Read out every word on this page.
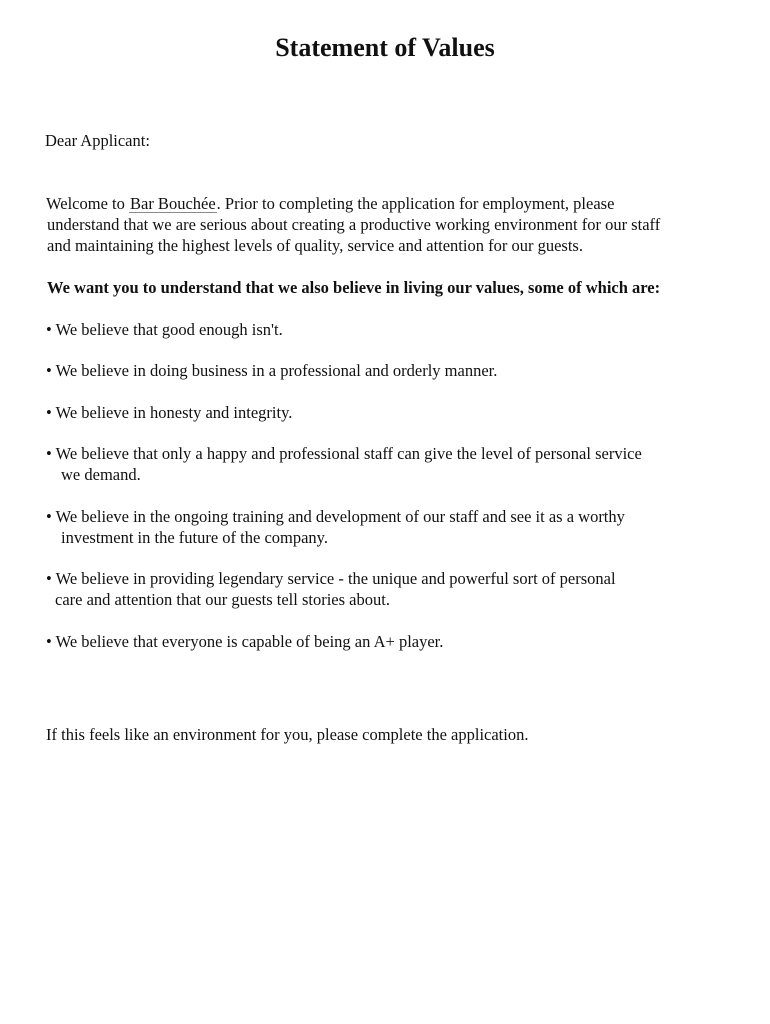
Statement of Values

Dear Applicant:

Welcome to Bar Bouchée. Prior to completing the application for employment, please

understand that we are serious about creating a productive working environment for our staff

and maintaining the highest levels of quality, service and attention for our guests.

We want you to understand that we also believe in living our values, some of which are:

• We believe that good enough isn't.

• We believe in doing business in a professional and orderly manner.

• We believe in honesty and integrity.

• We believe that only a happy and professional staff can give the level of personal service

we demand.

• We believe in the ongoing training and development of our staff and see it as a worthy

investment in the future of the company.

• We believe in providing legendary service - the unique and powerful sort of personal

care and attention that our guests tell stories about.

• We believe that everyone is capable of being an A+ player.

If this feels like an environment for you, please complete the application.
